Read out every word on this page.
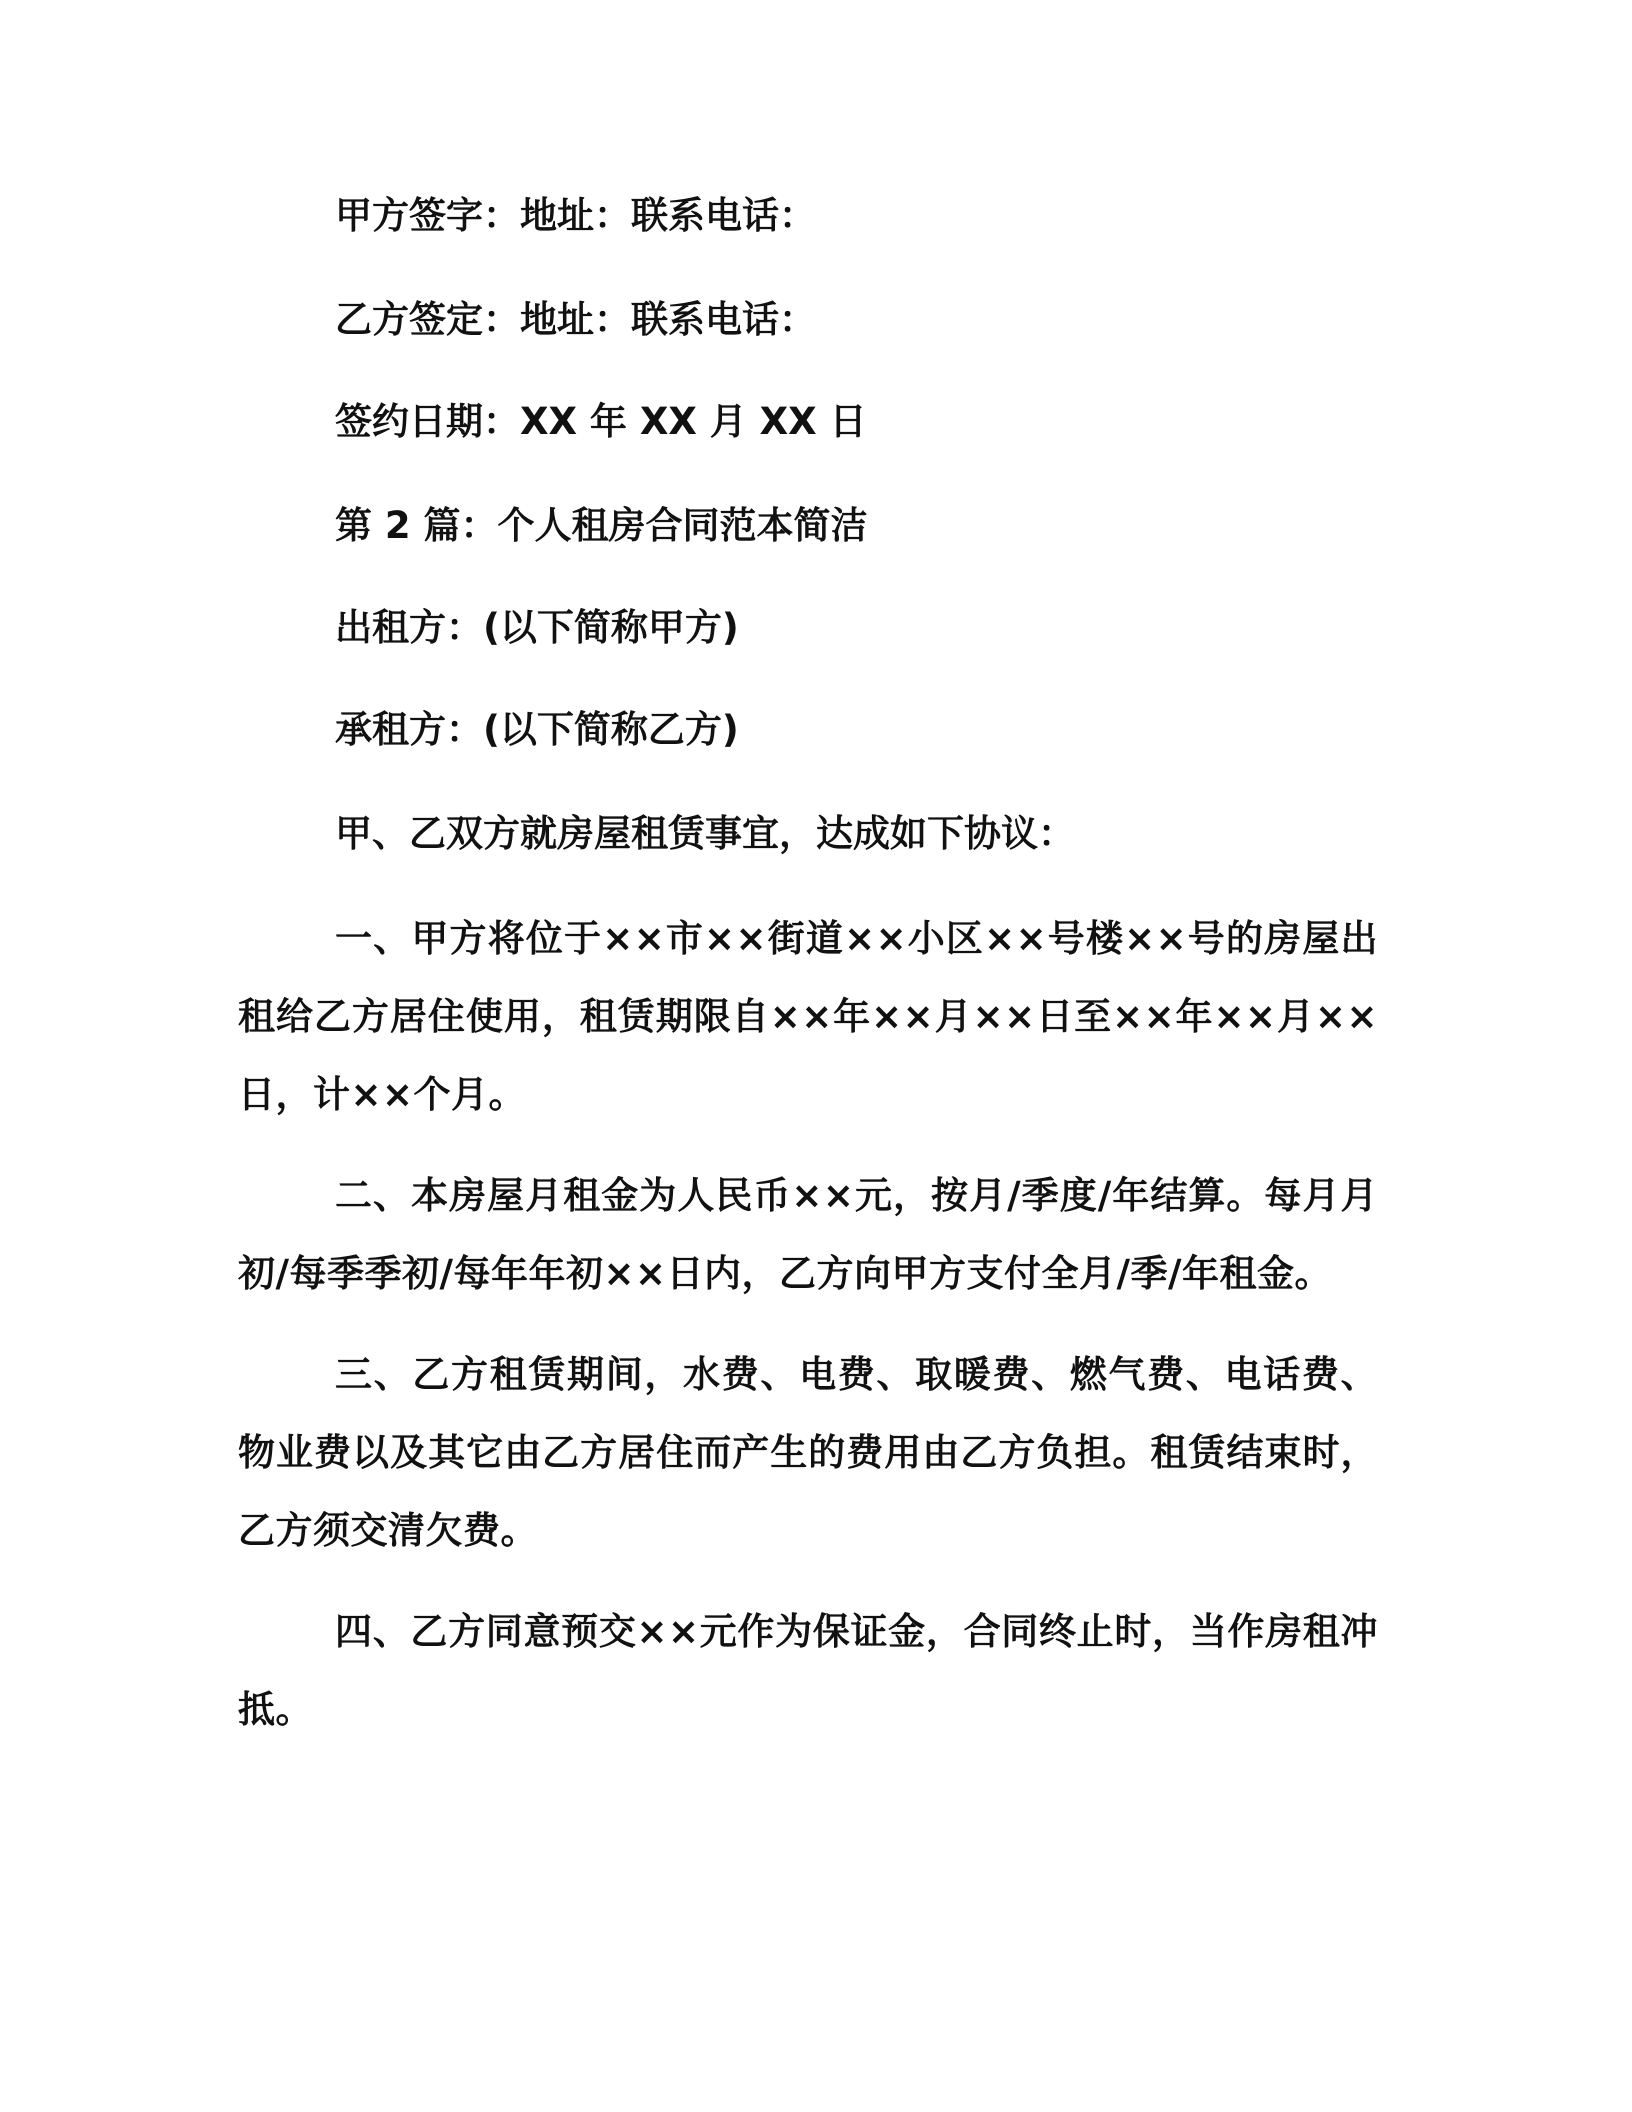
甲方签字：地址：联系电话：
乙方签定：地址：联系电话：
签约日期：XX 年 XX 月 XX 日
第 2 篇：个人租房合同范本简洁
出租方：(以下简称甲方)
承租方：(以下简称乙方)
甲、乙双方就房屋租赁事宜，达成如下协议：
一、甲方将位于××市××街道××小区××号楼××号的房屋出租给乙方居住使用，租赁期限自××年××月××日至××年××月××日，计××个月。
二、本房屋月租金为人民币××元，按月/季度/年结算。每月月初/每季季初/每年年初××日内，乙方向甲方支付全月/季/年租金。
三、乙方租赁期间，水费、电费、取暖费、燃气费、电话费、物业费以及其它由乙方居住而产生的费用由乙方负担。租赁结束时，乙方须交清欠费。
四、乙方同意预交××元作为保证金，合同终止时，当作房租冲抵。
